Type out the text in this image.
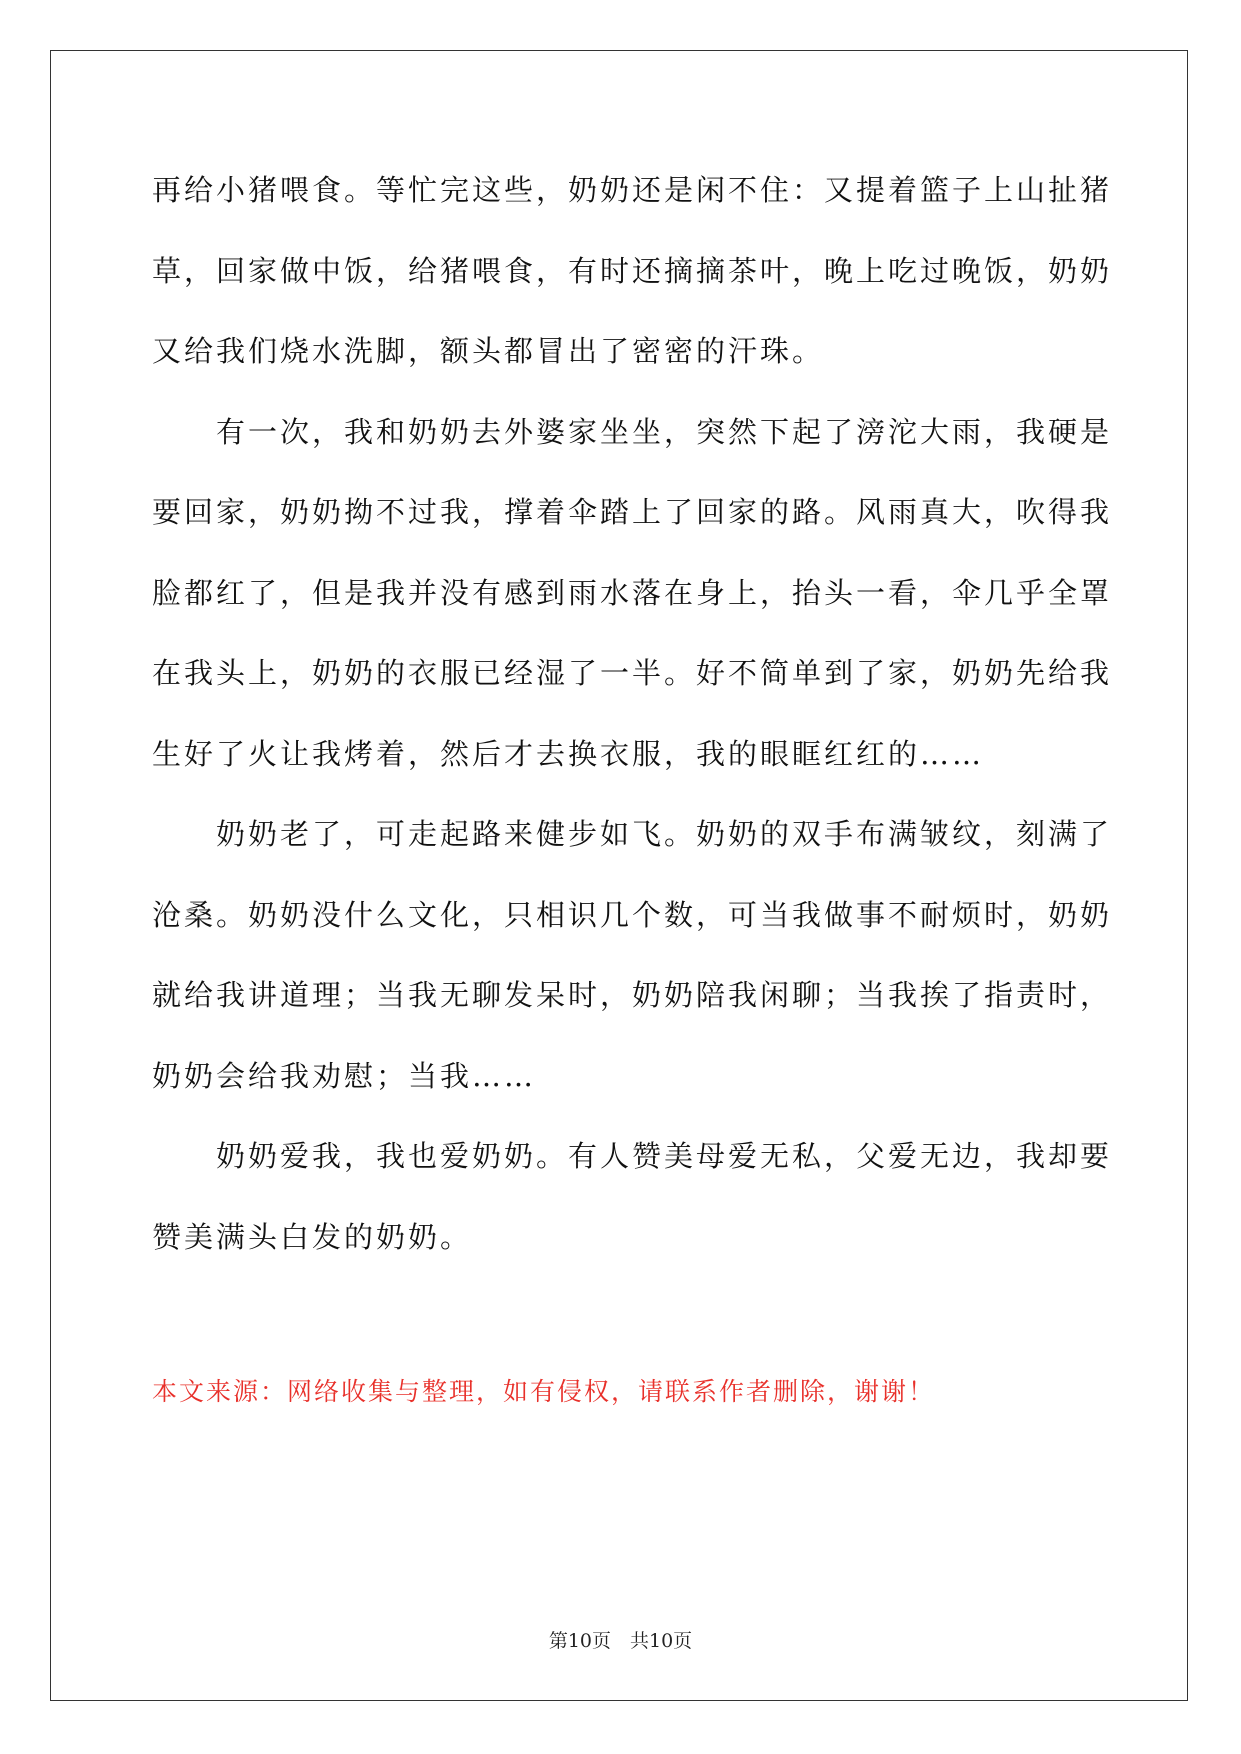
再给小猪喂食。等忙完这些，奶奶还是闲不住：又提着篮子上山扯猪
草，回家做中饭，给猪喂食，有时还摘摘茶叶，晚上吃过晚饭，奶奶
又给我们烧水洗脚，额头都冒出了密密的汗珠。
　　有一次，我和奶奶去外婆家坐坐，突然下起了滂沱大雨，我硬是
要回家，奶奶拗不过我，撑着伞踏上了回家的路。风雨真大，吹得我
脸都红了，但是我并没有感到雨水落在身上，抬头一看，伞几乎全罩
在我头上，奶奶的衣服已经湿了一半。好不简单到了家，奶奶先给我
生好了火让我烤着，然后才去换衣服，我的眼眶红红的……
　　奶奶老了，可走起路来健步如飞。奶奶的双手布满皱纹，刻满了
沧桑。奶奶没什么文化，只相识几个数，可当我做事不耐烦时，奶奶
就给我讲道理；当我无聊发呆时，奶奶陪我闲聊；当我挨了指责时，
奶奶会给我劝慰；当我……
　　奶奶爱我，我也爱奶奶。有人赞美母爱无私，父爱无边，我却要
赞美满头白发的奶奶。
本文来源：网络收集与整理，如有侵权，请联系作者删除，谢谢！
第10页　共10页
